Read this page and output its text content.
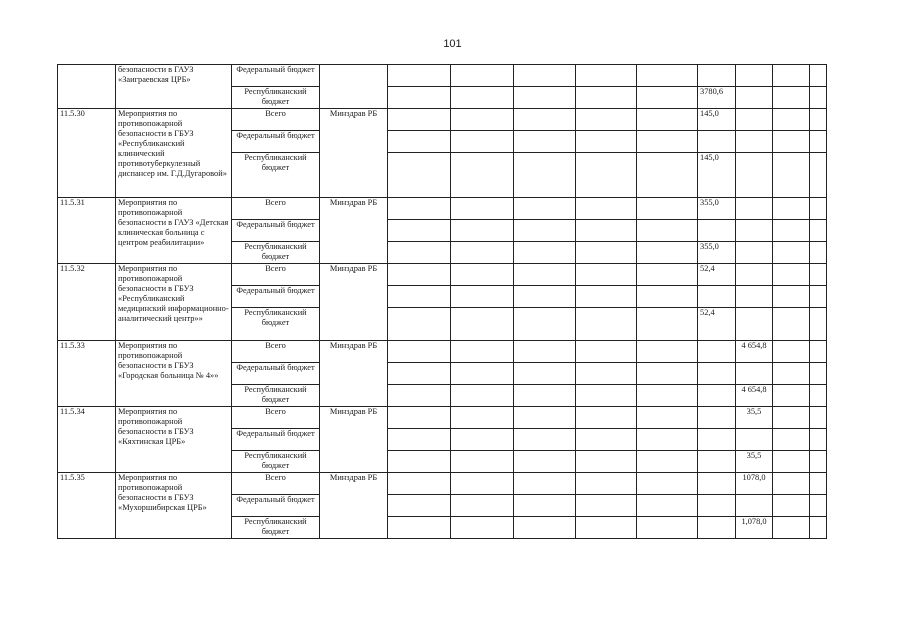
101
	безопасности в ГАУЗ «Заиграевская ЦРБ»	Федеральный бюджет										
		Республиканский бюджет							3780,6			
11.5.30	Мероприятия по противопожарной безопасности в ГБУЗ «Республиканский клинический противотуберкулезный диспансер им. Г.Д.Дугаровой»	Всего	Минздрав РБ						145,0			
		Федеральный бюджет										
		Республиканский бюджет							145,0			
11.5.31	Мероприятия по противопожарной безопасности в ГАУЗ «Детская клиническая больница с центром реабилитации»	Всего	Минздрав РБ						355,0			
		Федеральный бюджет										
		Республиканский бюджет							355,0			
11.5.32	Мероприятия по противопожарной безопасности в ГБУЗ «Республиканский медицинский информационно-аналитический центр»»	Всего	Минздрав РБ						52,4			
		Федеральный бюджет										
		Республиканский бюджет							52,4			
11.5.33	Мероприятия по противопожарной безопасности в ГБУЗ «Городская больница № 4»»	Всего	Минздрав РБ							4 654,8		
		Федеральный бюджет										
		Республиканский бюджет								4 654,8		
11.5.34	Мероприятия по противопожарной безопасности в ГБУЗ «Кяхтинская ЦРБ»	Всего	Минздрав РБ							35,5		
		Федеральный бюджет										
		Республиканский бюджет								35,5		
11.5.35	Мероприятия по противопожарной безопасности в ГБУЗ «Мухоршибирская ЦРБ»	Всего	Минздрав РБ							1078,0		
		Федеральный бюджет										
		Республиканский бюджет								1,078,0		
